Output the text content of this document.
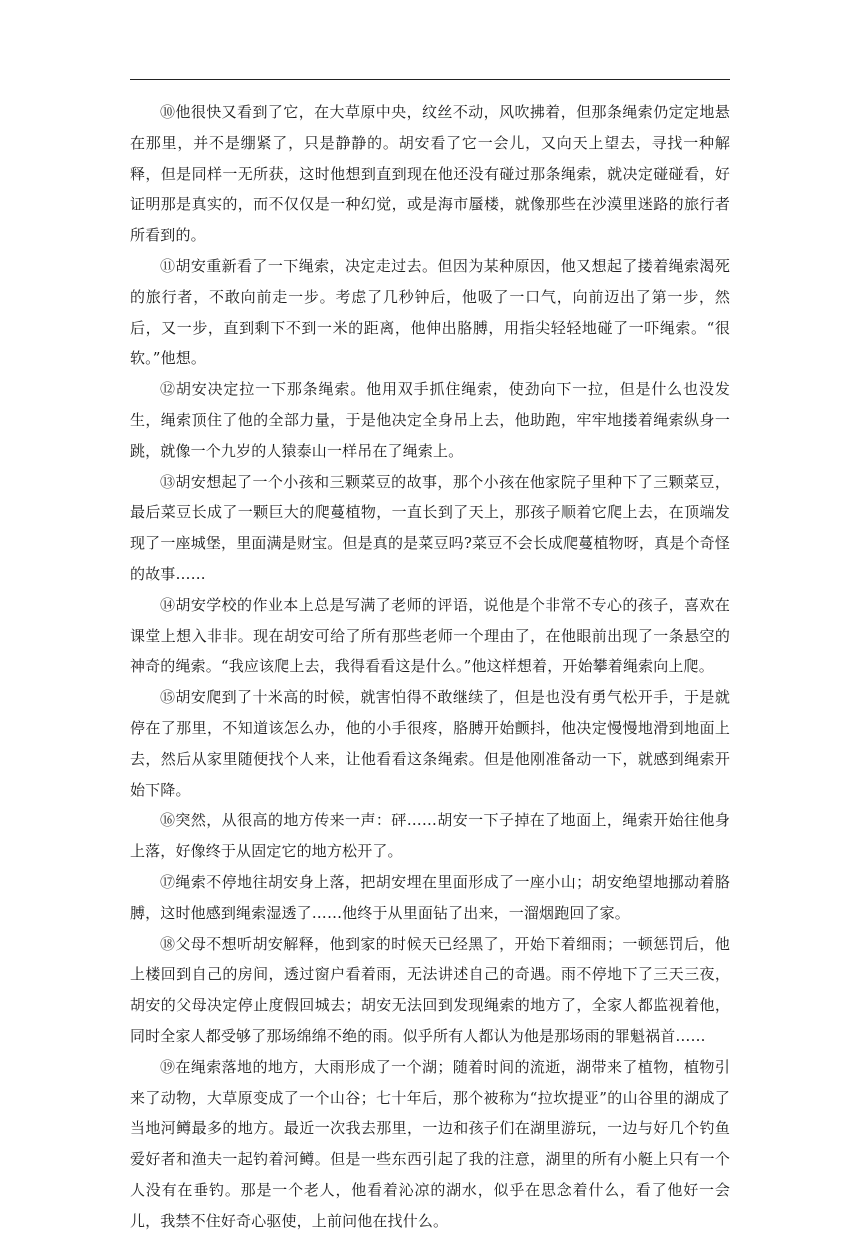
⑩他很快又看到了它，在大草原中央，纹丝不动，风吹拂着，但那条绳索仍定定地悬在那里，并不是绷紧了，只是静静的。胡安看了它一会儿，又向天上望去，寻找一种解释，但是同样一无所获，这时他想到直到现在他还没有碰过那条绳索，就决定碰碰看，好证明那是真实的，而不仅仅是一种幻觉，或是海市蜃楼，就像那些在沙漠里迷路的旅行者所看到的。

⑪胡安重新看了一下绳索，决定走过去。但因为某种原因，他又想起了搂着绳索渴死的旅行者，不敢向前走一步。考虑了几秒钟后，他吸了一口气，向前迈出了第一步，然后，又一步，直到剩下不到一米的距离，他伸出胳膊，用指尖轻轻地碰了一吓绳索。“很软。”他想。

⑫胡安决定拉一下那条绳索。他用双手抓住绳索，使劲向下一拉，但是什么也没发生，绳索顶住了他的全部力量，于是他决定全身吊上去，他助跑，牢牢地搂着绳索纵身一跳，就像一个九岁的人猿泰山一样吊在了绳索上。

⑬胡安想起了一个小孩和三颗菜豆的故事，那个小孩在他家院子里种下了三颗菜豆，最后菜豆长成了一颗巨大的爬蔓植物，一直长到了天上，那孩子顺着它爬上去，在顶端发现了一座城堡，里面满是财宝。但是真的是菜豆吗?菜豆不会长成爬蔓植物呀，真是个奇怪的故事……

⑭胡安学校的作业本上总是写满了老师的评语，说他是个非常不专心的孩子，喜欢在课堂上想入非非。现在胡安可给了所有那些老师一个理由了，在他眼前出现了一条悬空的神奇的绳索。“我应该爬上去，我得看看这是什么。”他这样想着，开始攀着绳索向上爬。

⑮胡安爬到了十米高的时候，就害怕得不敢继续了，但是也没有勇气松开手，于是就停在了那里，不知道该怎么办，他的小手很疼，胳膊开始颤抖，他决定慢慢地滑到地面上去，然后从家里随便找个人来，让他看看这条绳索。但是他刚准备动一下，就感到绳索开始下降。

⑯突然，从很高的地方传来一声：砰……胡安一下子掉在了地面上，绳索开始往他身上落，好像终于从固定它的地方松开了。

⑰绳索不停地往胡安身上落，把胡安埋在里面形成了一座小山；胡安绝望地挪动着胳膊，这时他感到绳索湿透了……他终于从里面钻了出来，一溜烟跑回了家。

⑱父母不想听胡安解释，他到家的时候天已经黑了，开始下着细雨；一顿惩罚后，他上楼回到自己的房间，透过窗户看着雨，无法讲述自己的奇遇。雨不停地下了三天三夜，胡安的父母决定停止度假回城去；胡安无法回到发现绳索的地方了，全家人都监视着他，同时全家人都受够了那场绵绵不绝的雨。似乎所有人都认为他是那场雨的罪魁祸首……

⑲在绳索落地的地方，大雨形成了一个湖；随着时间的流逝，湖带来了植物，植物引来了动物，大草原变成了一个山谷；七十年后，那个被称为“拉坎提亚”的山谷里的湖成了当地河鳟最多的地方。最近一次我去那里，一边和孩子们在湖里游玩，一边与好几个钓鱼爱好者和渔夫一起钓着河鳟。但是一些东西引起了我的注意，湖里的所有小艇上只有一个人没有在垂钓。那是一个老人，他看着沁凉的湖水，似乎在思念着什么，看了他好一会儿，我禁不住好奇心驱使，上前问他在找什么。
